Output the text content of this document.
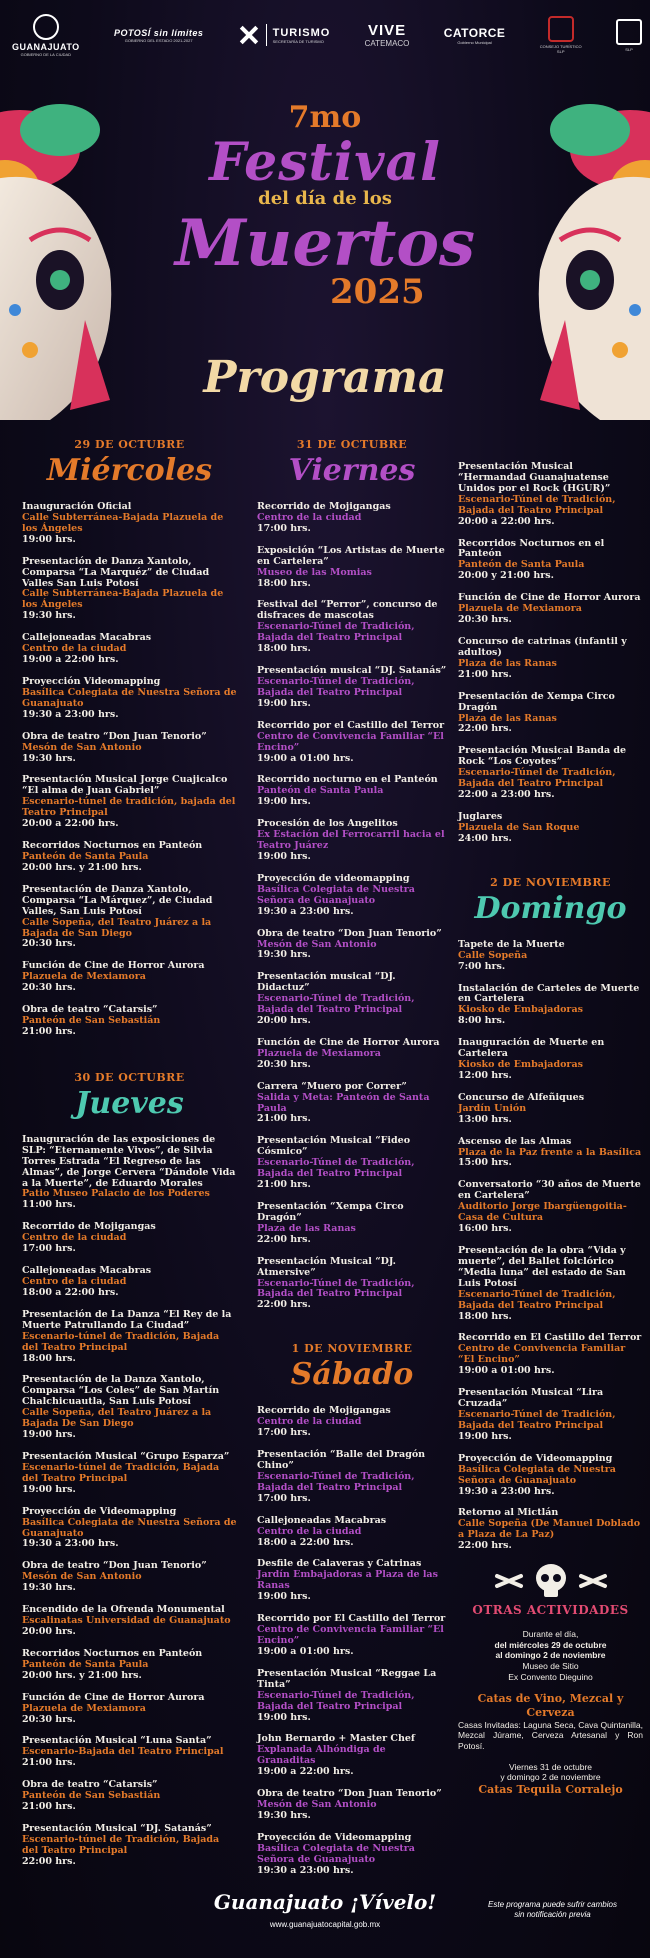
GUANAJUATO
GOBIERNO DE LA CIUDAD
POTOSÍ sin límites
GOBIERNO DEL ESTADO 2021-2027
TURISMO
SECRETARÍA DE TURISMO
VIVE
CATEMACO
CATORCE
Gobierno Municipal
CONSEJO TURÍSTICO
SLP	SLP
7mo
Festival
del día de los
Muertos
2025
Programa
29 DE OCTUBRE
Miércoles
Inauguración Oficial
Calle Subterránea-Bajada Plazuela de los Ángeles
19:00 hrs.
Presentación de Danza Xantolo, Comparsa “La Marquéz” de Ciudad Valles San Luis Potosí
Calle Subterránea-Bajada Plazuela de los Ángeles
19:30 hrs.
Callejoneadas Macabras
Centro de la ciudad
19:00 a 22:00 hrs.
Proyección Videomapping
Basílica Colegiata de Nuestra Señora de Guanajuato
19:30 a 23:00 hrs.
Obra de teatro “Don Juan Tenorio”
Mesón de San Antonio
19:30 hrs.
Presentación Musical Jorge Cuajicalco “El alma de Juan Gabriel”
Escenario-túnel de tradición, bajada del Teatro Principal
20:00 a 22:00 hrs.
Recorridos Nocturnos en Panteón
Panteón de Santa Paula
20:00 hrs. y 21:00 hrs.
Presentación de Danza Xantolo, Comparsa “La Márquez”, de Ciudad Valles, San Luis Potosí
Calle Sopeña, del Teatro Juárez a la Bajada de San Diego
20:30 hrs.
Función de Cine de Horror Aurora
Plazuela de Mexiamora
20:30 hrs.
Obra de teatro “Catarsis”
Panteón de San Sebastián
21:00 hrs.
30 DE OCTUBRE
Jueves
Inauguración de las exposiciones de SLP: “Eternamente Vivos”, de Silvia Torres Estrada “El Regreso de las Almas”, de Jorge Cervera “Dándole Vida a la Muerte”, de Eduardo Morales
Patio Museo Palacio de los Poderes
11:00 hrs.
Recorrido de Mojigangas
Centro de la ciudad
17:00 hrs.
Callejoneadas Macabras
Centro de la ciudad
18:00 a 22:00 hrs.
Presentación de La Danza “El Rey de la Muerte Patrullando La Ciudad”
Escenario-túnel de Tradición, Bajada del Teatro Principal
18:00 hrs.
Presentación de la Danza Xantolo, Comparsa “Los Coles” de San Martín Chalchicuautla, San Luis Potosí
Calle Sopeña, del Teatro Juárez a la Bajada De San Diego
19:00 hrs.
Presentación Musical “Grupo Esparza”
Escenario-túnel de Tradición, Bajada del Teatro Principal
19:00 hrs.
Proyección de Videomapping
Basílica Colegiata de Nuestra Señora de Guanajuato
19:30 a 23:00 hrs.
Obra de teatro “Don Juan Tenorio”
Mesón de San Antonio
19:30 hrs.
Encendido de la Ofrenda Monumental
Escalinatas Universidad de Guanajuato
20:00 hrs.
Recorridos Nocturnos en Panteón
Panteón de Santa Paula
20:00 hrs. y 21:00 hrs.
Función de Cine de Horror Aurora
Plazuela de Mexiamora
20:30 hrs.
Presentación Musical “Luna Santa”
Escenario-Bajada del Teatro Principal
21:00 hrs.
Obra de teatro “Catarsis”
Panteón de San Sebastián
21:00 hrs.
Presentación Musical “DJ. Satanás”
Escenario-túnel de Tradición, Bajada del Teatro Principal
22:00 hrs.
31 DE OCTUBRE
Viernes
Recorrido de Mojigangas
Centro de la ciudad
17:00 hrs.
Exposición “Los Artistas de Muerte en Cartelera”
Museo de las Momias
18:00 hrs.
Festival del “Perror”, concurso de disfraces de mascotas
Escenario-Túnel de Tradición, Bajada del Teatro Principal
18:00 hrs.
Presentación musical “DJ. Satanás”
Escenario-Túnel de Tradición, Bajada del Teatro Principal
19:00 hrs.
Recorrido por el Castillo del Terror
Centro de Convivencia Familiar “El Encino”
19:00 a 01:00 hrs.
Recorrido nocturno en el Panteón
Panteón de Santa Paula
19:00 hrs.
Procesión de los Angelitos
Ex Estación del Ferrocarril hacia el Teatro Juárez
19:00 hrs.
Proyección de videomapping
Basílica Colegiata de Nuestra Señora de Guanajuato
19:30 a 23:00 hrs.
Obra de teatro “Don Juan Tenorio”
Mesón de San Antonio
19:30 hrs.
Presentación musical “DJ. Didactuz”
Escenario-Túnel de Tradición, Bajada del Teatro Principal
20:00 hrs.
Función de Cine de Horror Aurora
Plazuela de Mexiamora
20:30 hrs.
Carrera “Muero por Correr”
Salida y Meta: Panteón de Santa Paula
21:00 hrs.
Presentación Musical “Fideo Cósmico”
Escenario-Túnel de Tradición, Bajada del Teatro Principal
21:00 hrs.
Presentación “Xempa Circo Dragón”
Plaza de las Ranas
22:00 hrs.
Presentación Musical “DJ. Atmersive”
Escenario-Túnel de Tradición, Bajada del Teatro Principal
22:00 hrs.
1 DE NOVIEMBRE
Sábado
Recorrido de Mojigangas
Centro de la ciudad
17:00 hrs.
Presentación “Balle del Dragón Chino”
Escenario-Túnel de Tradición, Bajada del Teatro Principal
17:00 hrs.
Callejoneadas Macabras
Centro de la ciudad
18:00 a 22:00 hrs.
Desfile de Calaveras y Catrinas
Jardín Embajadoras a Plaza de las Ranas
19:00 hrs.
Recorrido por El Castillo del Terror
Centro de Convivencia Familiar “El Encino”
19:00 a 01:00 hrs.
Presentación Musical “Reggae La Tinta”
Escenario-Túnel de Tradición, Bajada del Teatro Principal
19:00 hrs.
John Bernardo + Master Chef
Explanada Alhóndiga de Granaditas
19:00 a 22:00 hrs.
Obra de teatro “Don Juan Tenorio”
Mesón de San Antonio
19:30 hrs.
Proyección de Videomapping
Basílica Colegiata de Nuestra Señora de Guanajuato
19:30 a 23:00 hrs.
Presentación Musical “Hermandad Guanajuatense Unidos por el Rock (HGUR)”
Escenario-Túnel de Tradición, Bajada del Teatro Principal
20:00 a 22:00 hrs.
Recorridos Nocturnos en el Panteón
Panteón de Santa Paula
20:00 y 21:00 hrs.
Función de Cine de Horror Aurora
Plazuela de Mexiamora
20:30 hrs.
Concurso de catrinas (infantil y adultos)
Plaza de las Ranas
21:00 hrs.
Presentación de Xempa Circo Dragón
Plaza de las Ranas
22:00 hrs.
Presentación Musical Banda de Rock “Los Coyotes”
Escenario-Túnel de Tradición, Bajada del Teatro Principal
22:00 a 23:00 hrs.
Juglares
Plazuela de San Roque
24:00 hrs.
2 DE NOVIEMBRE
Domingo
Tapete de la Muerte
Calle Sopeña
7:00 hrs.
Instalación de Carteles de Muerte en Cartelera
Kiosko de Embajadoras
8:00 hrs.
Inauguración de Muerte en Cartelera
Kiosko de Embajadoras
12:00 hrs.
Concurso de Alfeñiques
Jardín Unión
13:00 hrs.
Ascenso de las Almas
Plaza de la Paz frente a la Basílica
15:00 hrs.
Conversatorio “30 años de Muerte en Cartelera”
Auditorio Jorge Ibargüengoitia-Casa de Cultura
16:00 hrs.
Presentación de la obra “Vida y muerte”, del Ballet folclórico “Media luna” del estado de San Luis Potosí
Escenario-Túnel de Tradición, Bajada del Teatro Principal
18:00 hrs.
Recorrido en El Castillo del Terror
Centro de Convivencia Familiar “El Encino”
19:00 a 01:00 hrs.
Presentación Musical “Lira Cruzada”
Escenario-Túnel de Tradición, Bajada del Teatro Principal
19:00 hrs.
Proyección de Videomapping
Basílica Colegiata de Nuestra Señora de Guanajuato
19:30 a 23:00 hrs.
Retorno al Mictlán
Calle Sopeña (De Manuel Doblado a Plaza de La Paz)
22:00 hrs.
OTRAS ACTIVIDADES

Durante el día,

del miércoles 29 de octubre

al domingo 2 de noviembre

Museo de Sitio

Ex Convento Dieguino

Catas de Vino, Mezcal y Cerveza

Casas Invitadas: Laguna Seca, Cava Quintanilla, Mezcal Júrame, Cerveza Artesanal y Ron Potosí.

Viernes 31 de octubre

y domingo 2 de noviembre

Catas Tequila Corralejo

Guanajuato ¡Vívelo!
www.guanajuatocapital.gob.mx
Este programa puede sufrir cambios
sin notificación previa
